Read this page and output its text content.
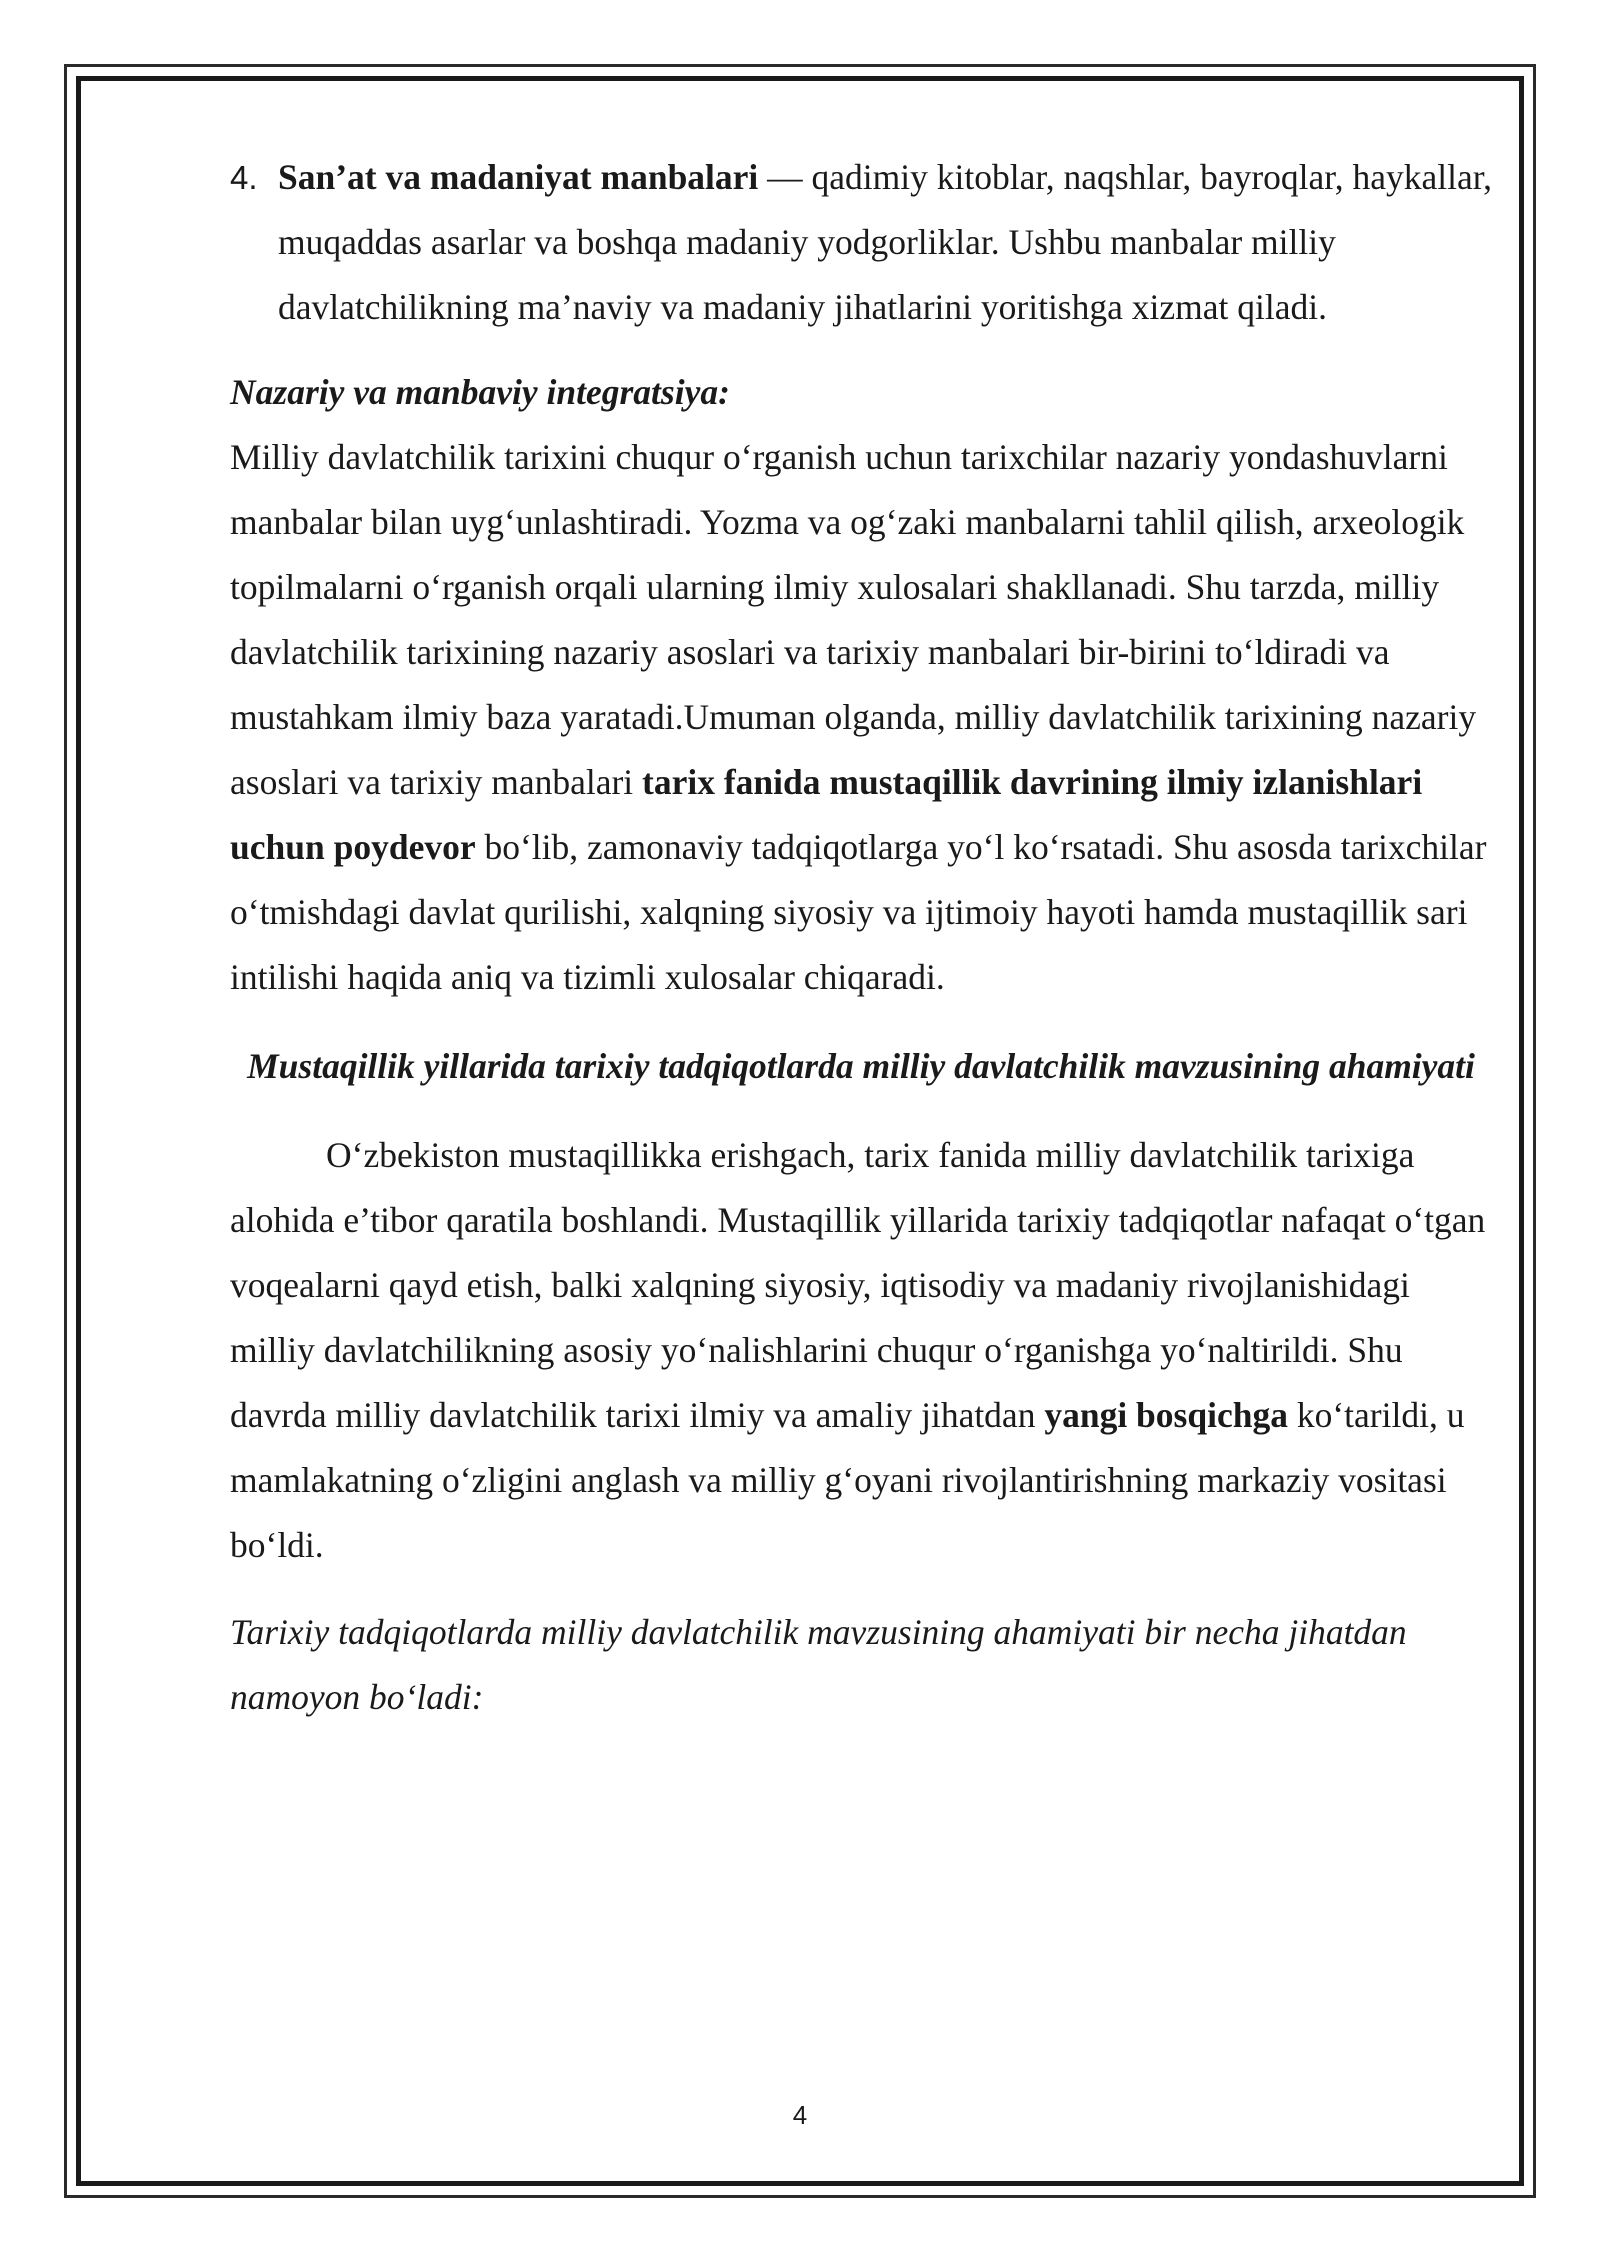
4. San’at va madaniyat manbalari — qadimiy kitoblar, naqshlar, bayroqlar, haykallar, muqaddas asarlar va boshqa madaniy yodgorliklar. Ushbu manbalar milliy davlatchilikning ma’naviy va madaniy jihatlarini yoritishga xizmat qiladi.

Nazariy va manbaviy integratsiya:

Milliy davlatchilik tarixini chuqur o‘rganish uchun tarixchilar nazariy yondashuvlarni manbalar bilan uyg‘unlashtiradi. Yozma va og‘zaki manbalarni tahlil qilish, arxeologik topilmalarni o‘rganish orqali ularning ilmiy xulosalari shakllanadi. Shu tarzda, milliy davlatchilik tarixining nazariy asoslari va tarixiy manbalari bir-birini to‘ldiradi va mustahkam ilmiy baza yaratadi.Umuman olganda, milliy davlatchilik tarixining nazariy asoslari va tarixiy manbalari tarix fanida mustaqillik davrining ilmiy izlanishlari uchun poydevor bo‘lib, zamonaviy tadqiqotlarga yo‘l ko‘rsatadi. Shu asosda tarixchilar o‘tmishdagi davlat qurilishi, xalqning siyosiy va ijtimoiy hayoti hamda mustaqillik sari intilishi haqida aniq va tizimli xulosalar chiqaradi.

Mustaqillik yillarida tarixiy tadqiqotlarda milliy davlatchilik mavzusining ahamiyati

O‘zbekiston mustaqillikka erishgach, tarix fanida milliy davlatchilik tarixiga alohida e’tibor qaratila boshlandi. Mustaqillik yillarida tarixiy tadqiqotlar nafaqat o‘tgan voqealarni qayd etish, balki xalqning siyosiy, iqtisodiy va madaniy rivojlanishidagi milliy davlatchilikning asosiy yo‘nalishlarini chuqur o‘rganishga yo‘naltirildi. Shu davrda milliy davlatchilik tarixi ilmiy va amaliy jihatdan yangi bosqichga ko‘tarildi, u mamlakatning o‘zligini anglash va milliy g‘oyani rivojlantirishning markaziy vositasi bo‘ldi.

Tarixiy tadqiqotlarda milliy davlatchilik mavzusining ahamiyati bir necha jihatdan namoyon bo‘ladi:

4
